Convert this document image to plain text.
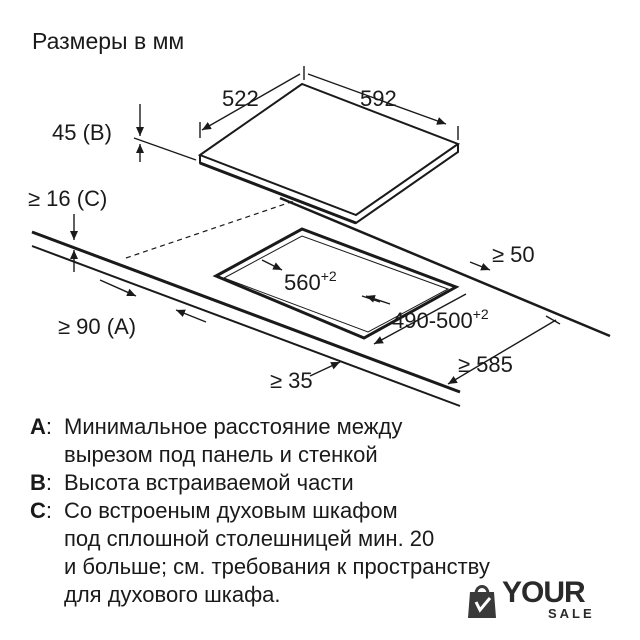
Размеры в мм
522	592
45 (B)
≥ 16 (C)
≥ 90 (A)
$560^{+2}$
$490-500^{+2}$
≥ 50
≥ 35
≥ 585
A : Минимальное расстояние между
вырезом под панель и стенкой
B : Высота встраиваемой части
C : Со встроеным духовым шкафом
под сплошной столешницей мин. 20
и больше; см. требования к пространству
для духового шкафа.	YOUR
SALE
